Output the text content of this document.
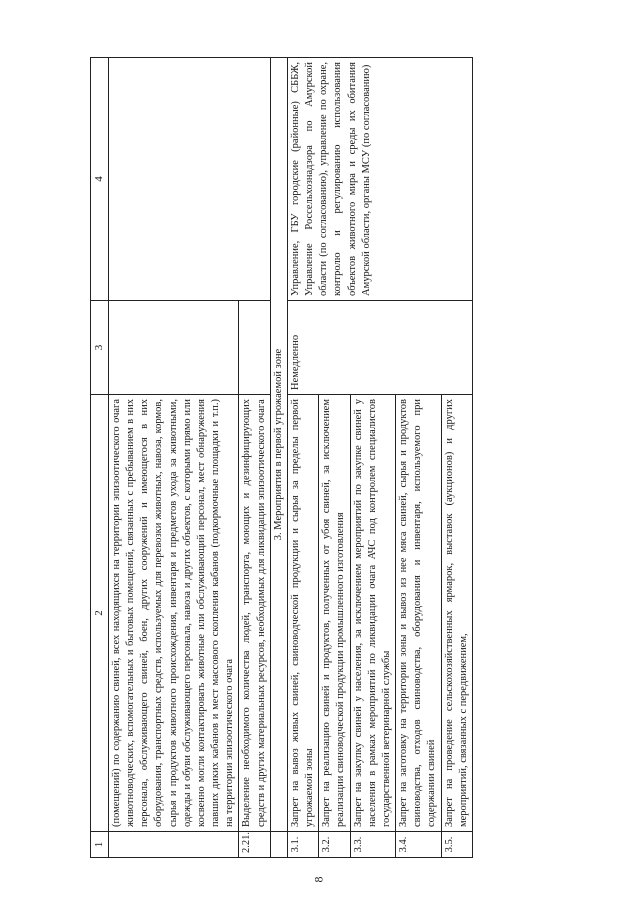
8
1	2	3	4
	(помещений) по содержанию свиней, всех находящихся на территории эпизоотического очага животноводческих, вспомогательных и бытовых помещений, связанных с пребыванием в них персонала, обслуживающего свиней, боен, других сооружений и имеющегося в них оборудования, транспортных средств, используемых для перевозки животных, навоза, кормов, сырья и продуктов животного происхождения, инвентаря и предметов ухода за животными, одежды и обуви обслуживающего персонала, навоза и других объектов, с которыми прямо или косвенно могли контактировать животные или обслуживающий персонал, мест обнаружения павших диких кабанов и мест массового скопления кабанов (подкормочные площадки и т.п.) на территории эпизоотического очага		
2.21.	Выделение необходимого количества людей, транспорта, моющих и дезинфицирующих средств и других материальных ресурсов, необходимых для ликвидации эпизоотического очага		
	3. Мероприятия в первой угрожаемой зоне		
3.1.	Запрет на вывоз живых свиней, свиноводческой продукции и сырья за пределы первой угрожаемой зоны	Немедленно	Управление, ГБУ городские (районные) СББЖ, Управление Россельхознадзора по Амурской области (по согласованию), управление по охране, контролю и регулированию использования объектов животного мира и среды их обитания Амурской области, органы МСУ (по согласованию)
3.2.	Запрет на реализацию свиней и продуктов, полученных от убоя свиней, за исключением реализации свиноводческой продукции промышленного изготовления		
3.3.	Запрет на закупку свиней у населения, за исключением мероприятий по закупке свиней у населения в рамках мероприятий по ликвидации очага АЧС под контролем специалистов государственной ветеринарной службы		
3.4.	Запрет на заготовку на территории зоны и вывоз из нее мяса свиней, сырья и продуктов свиноводства, отходов свиноводства, оборудования и инвентаря, используемого при содержании свиней		
3.5.	Запрет на проведение сельскохозяйственных ярмарок, выставок (аукционов) и других мероприятий, связанных с передвижением,		
